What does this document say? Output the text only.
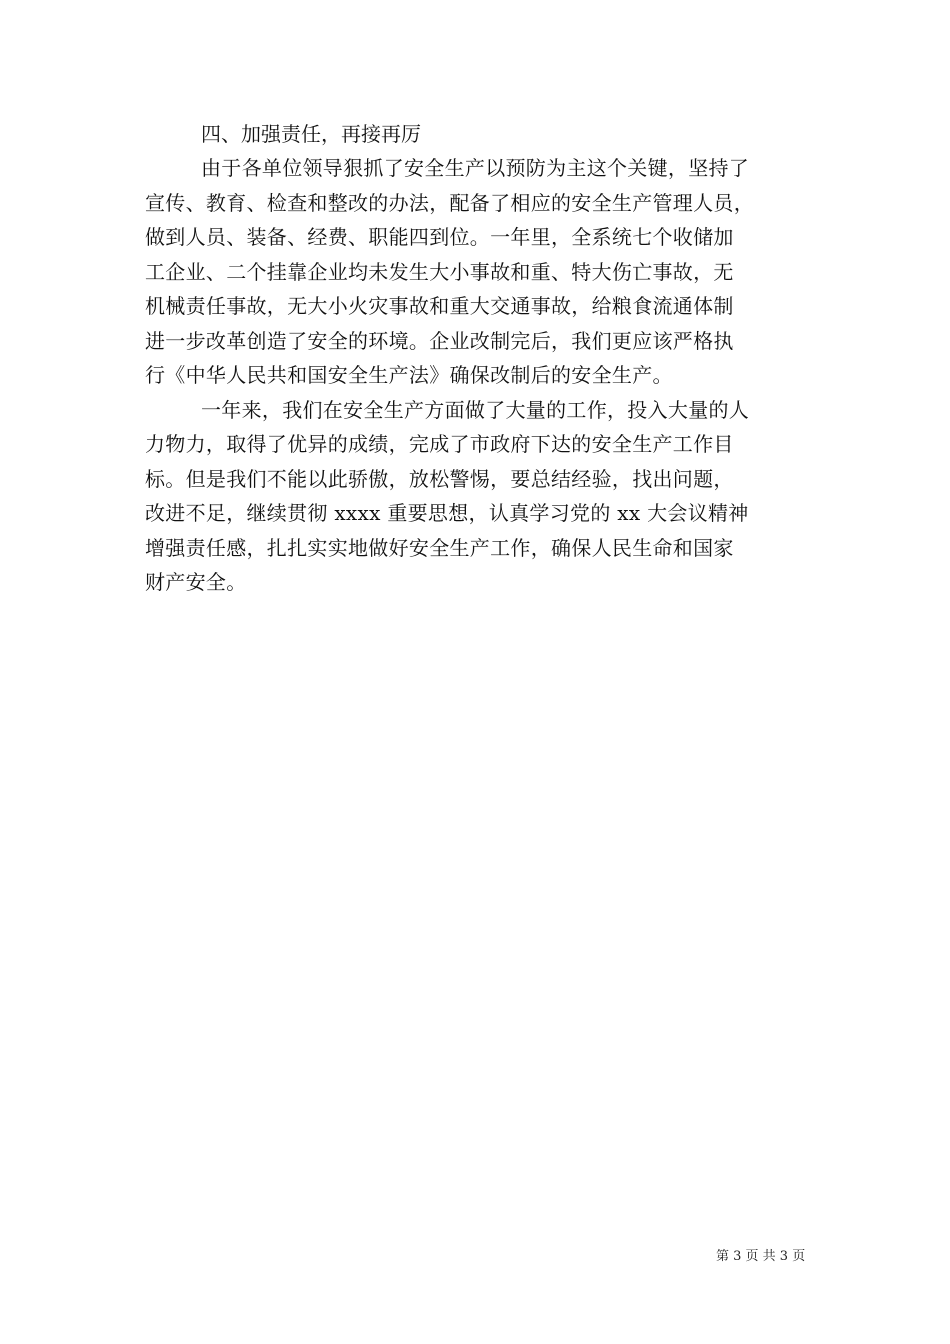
四、加强责任，再接再厉
由于各单位领导狠抓了安全生产以预防为主这个关键，坚持了
宣传、教育、检查和整改的办法，配备了相应的安全生产管理人员，
做到人员、装备、经费、职能四到位。一年里，全系统七个收储加
工企业、二个挂靠企业均未发生大小事故和重、特大伤亡事故，无
机械责任事故，无大小火灾事故和重大交通事故，给粮食流通体制
进一步改革创造了安全的环境。企业改制完后，我们更应该严格执
行《中华人民共和国安全生产法》确保改制后的安全生产。
一年来，我们在安全生产方面做了大量的工作，投入大量的人
力物力，取得了优异的成绩，完成了市政府下达的安全生产工作目
标。但是我们不能以此骄傲，放松警惕，要总结经验，找出问题，
改进不足，继续贯彻 xxxx 重要思想，认真学习党的 xx 大会议精神
增强责任感，扎扎实实地做好安全生产工作，确保人民生命和国家
财产安全。
第 3 页 共 3 页
